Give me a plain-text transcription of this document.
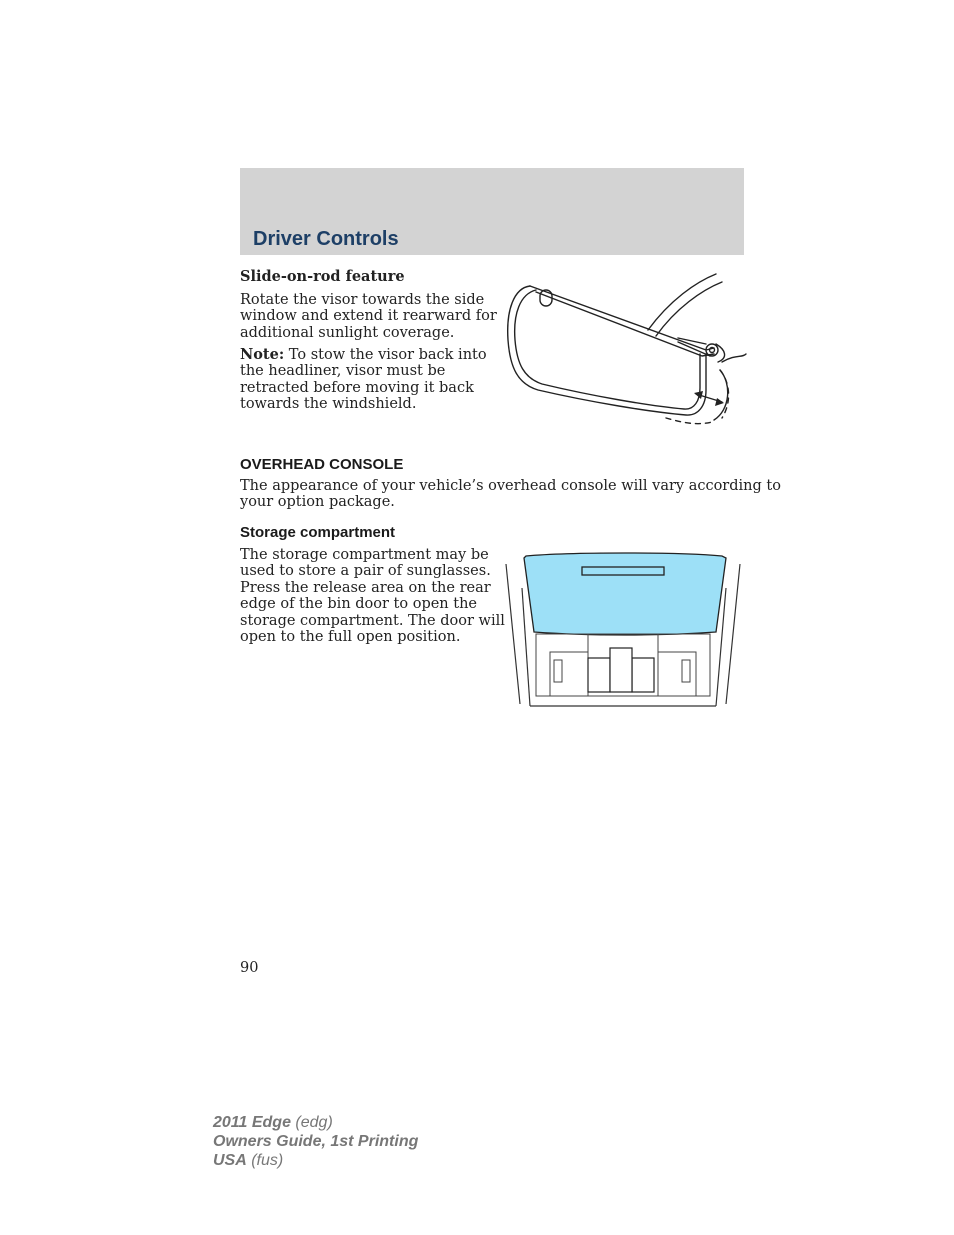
Driver Controls

Slide-on-rod feature

Rotate the visor towards the side
window and extend it rearward for
additional sunlight coverage.

Note: To stow the visor back into
the headliner, visor must be
retracted before moving it back
towards the windshield.

OVERHEAD CONSOLE

The appearance of your vehicle’s overhead console will vary according to
your option package.

Storage compartment

The storage compartment may be
used to store a pair of sunglasses.
Press the release area on the rear
edge of the bin door to open the
storage compartment. The door will
open to the full open position.

90
2011 Edge (edg)
Owners Guide, 1st Printing
USA (fus)
